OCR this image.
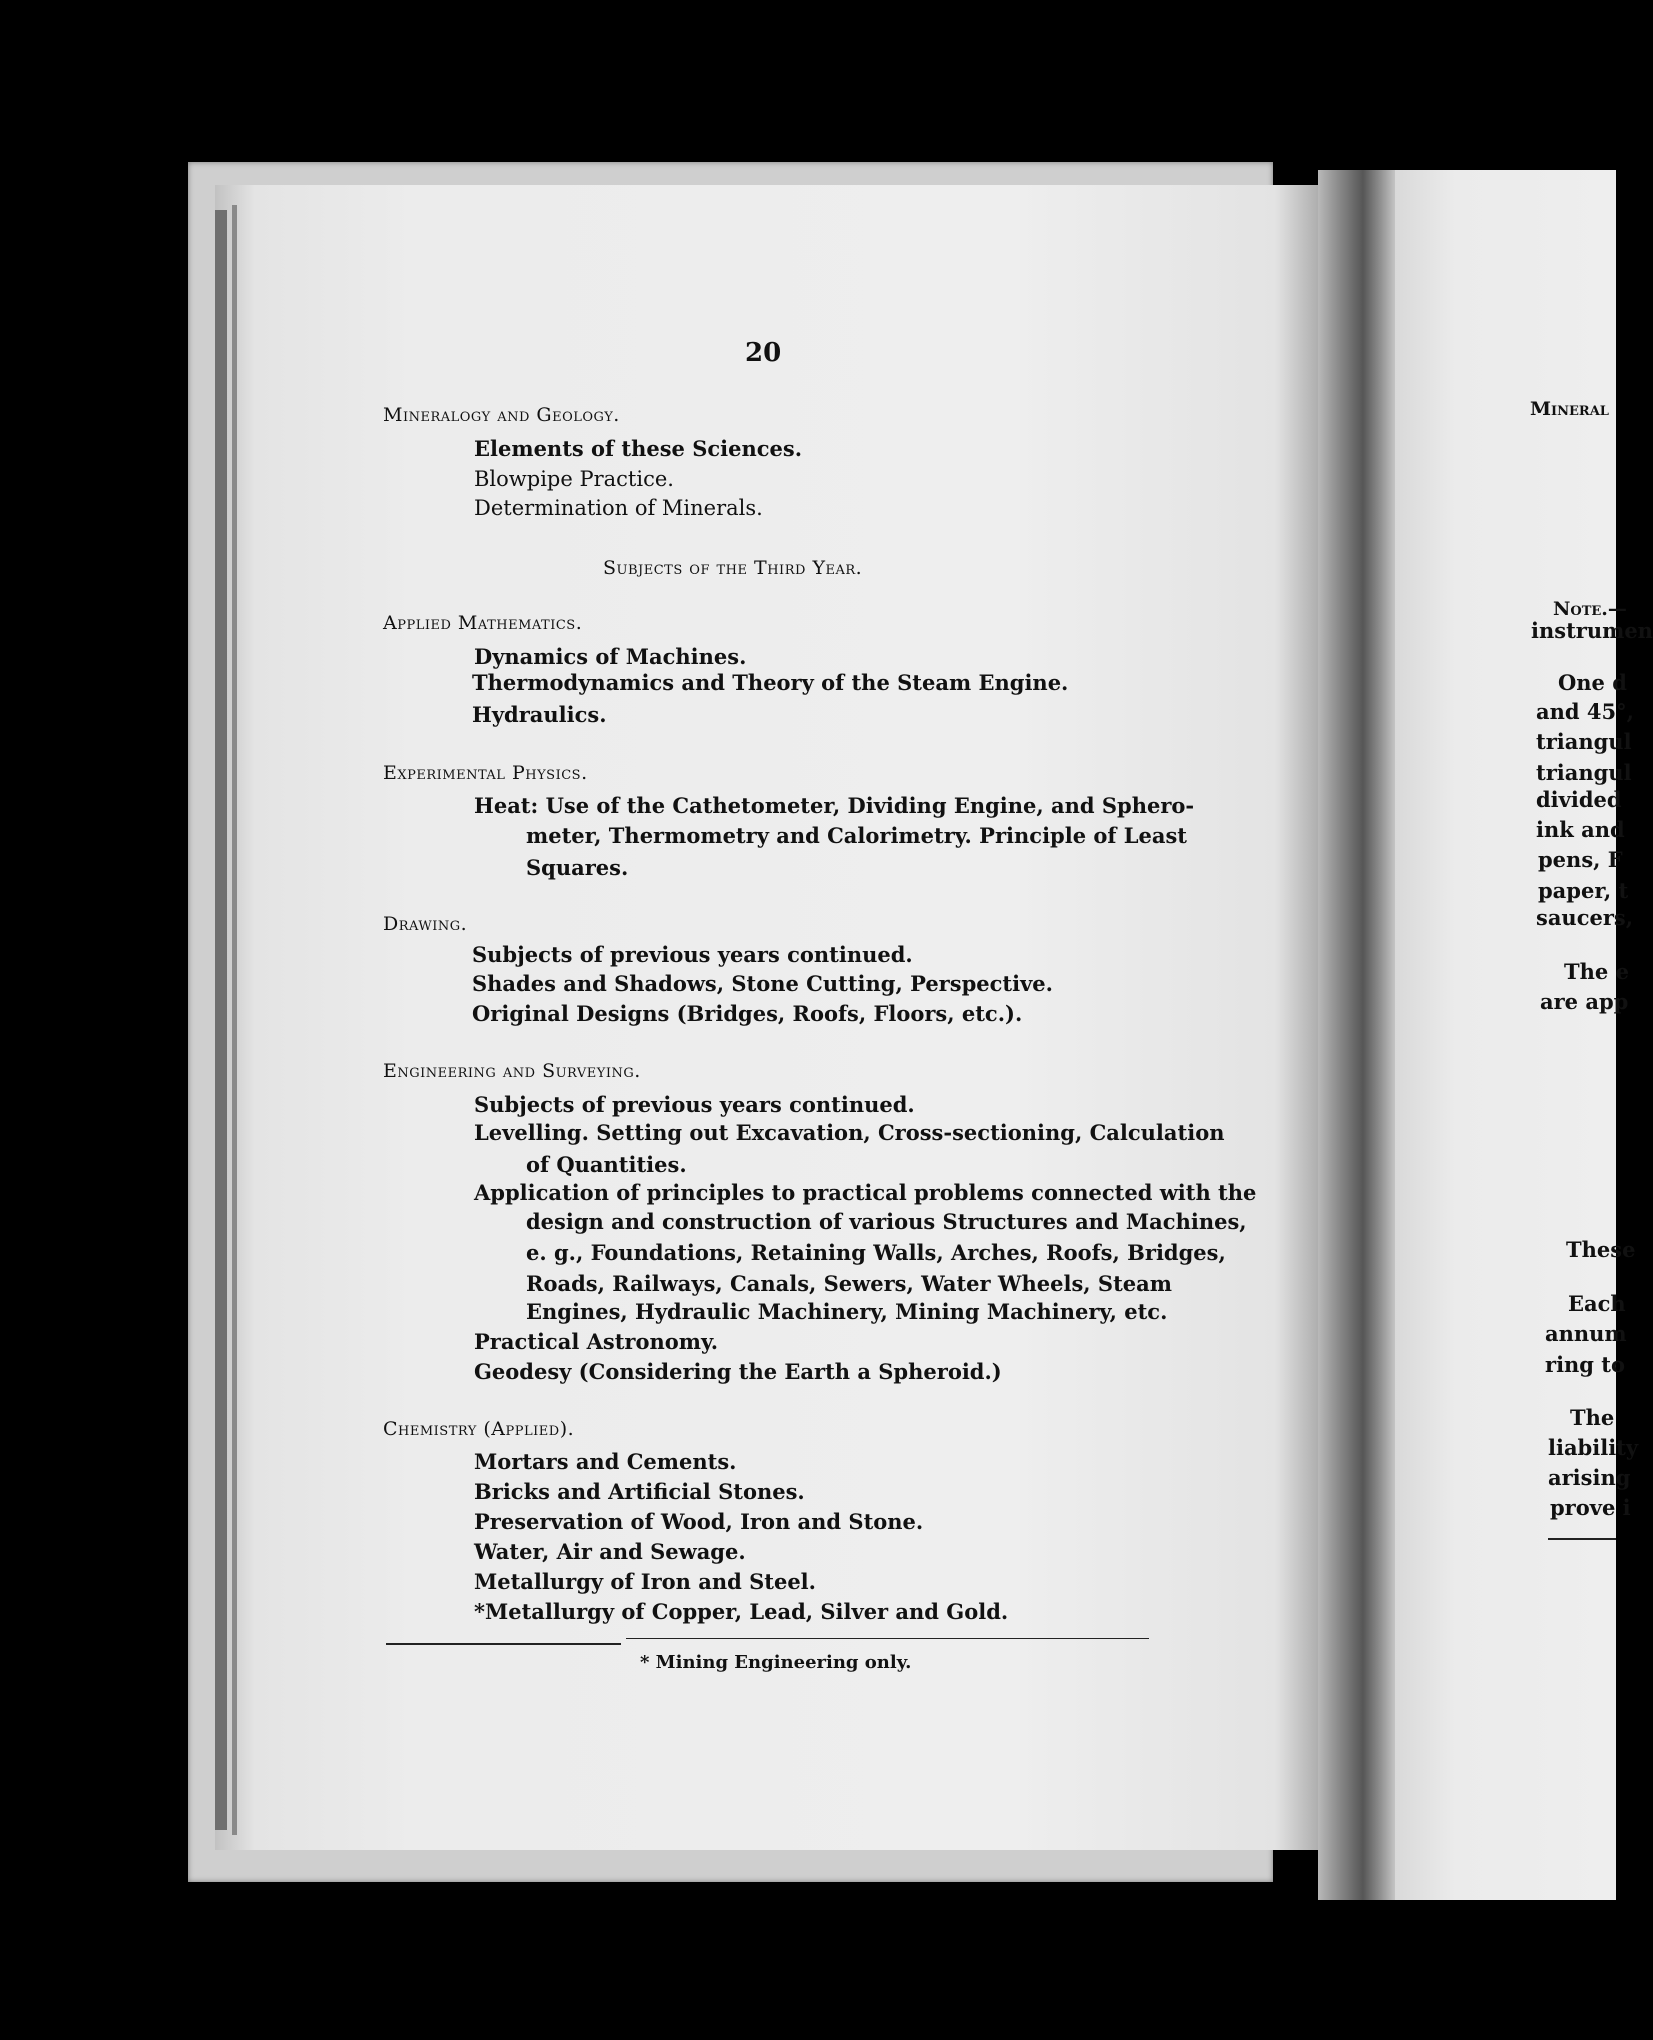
20
Mineralogy and Geology.
Elements of these Sciences.
Blowpipe Practice.
Determination of Minerals.
Subjects of the Third Year.
Applied Mathematics.
Dynamics of Machines.
Thermodynamics and Theory of the Steam Engine.
Hydraulics.
Experimental Physics.
Heat: Use of the Cathetometer, Dividing Engine, and Sphero-
meter, Thermometry and Calorimetry. Principle of Least
Squares.
Drawing.
Subjects of previous years continued.
Shades and Shadows, Stone Cutting, Perspective.
Original Designs (Bridges, Roofs, Floors, etc.).
Engineering and Surveying.
Subjects of previous years continued.
Levelling. Setting out Excavation, Cross-sectioning, Calculation
of Quantities.
Application of principles to practical problems connected with the
design and construction of various Structures and Machines,
e. g., Foundations, Retaining Walls, Arches, Roofs, Bridges,
Roads, Railways, Canals, Sewers, Water Wheels, Steam
Engines, Hydraulic Machinery, Mining Machinery, etc.
Practical Astronomy.
Geodesy (Considering the Earth a Spheroid.)
Chemistry (Applied).
Mortars and Cements.
Bricks and Artificial Stones.
Preservation of Wood, Iron and Stone.
Water, Air and Sewage.
Metallurgy of Iron and Steel.
*Metallurgy of Copper, Lead, Silver and Gold.
* Mining Engineering only.
Mineral
Note.—
instrumen
One d
and 45°,
triangul
triangul
divided
ink and
pens, F
paper, t
saucers,
The e
are app
These
Each
annum
ring to
The
liability
arising
prove i
